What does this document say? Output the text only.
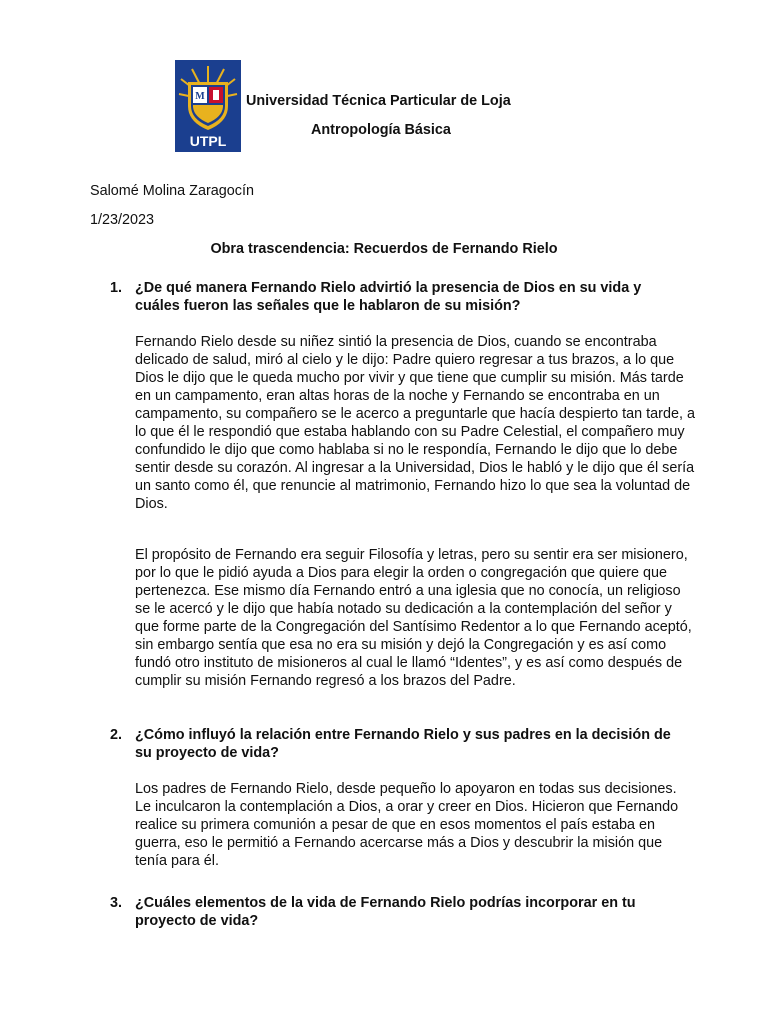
M
UTPL
Universidad Técnica Particular de Loja
Antropología Básica
Salomé Molina Zaragocín
1/23/2023
Obra trascendencia: Recuerdos de Fernando Rielo
1. ¿De qué manera Fernando Rielo advirtió la presencia de Dios en su vida y cuáles fueron las señales que le hablaron de su misión?
Fernando Rielo desde su niñez sintió la presencia de Dios, cuando se encontraba delicado de salud, miró al cielo y le dijo: Padre quiero regresar a tus brazos, a lo que Dios le dijo que le queda mucho por vivir y que tiene que cumplir su misión. Más tarde en un campamento, eran altas horas de la noche y Fernando se encontraba en un campamento, su compañero se le acerco a preguntarle que hacía despierto tan tarde, a lo que él le respondió que estaba hablando con su Padre Celestial, el compañero muy confundido le dijo que como hablaba si no le respondía, Fernando le dijo que lo debe sentir desde su corazón. Al ingresar a la Universidad, Dios le habló y le dijo que él sería un santo como él, que renuncie al matrimonio, Fernando hizo lo que sea la voluntad de Dios.
El propósito de Fernando era seguir Filosofía y letras, pero su sentir era ser misionero, por lo que le pidió ayuda a Dios para elegir la orden o congregación que quiere que pertenezca. Ese mismo día Fernando entró a una iglesia que no conocía, un religioso se le acercó y le dijo que había notado su dedicación a la contemplación del señor y que forme parte de la Congregación del Santísimo Redentor a lo que Fernando aceptó, sin embargo sentía que esa no era su misión y dejó la Congregación y es así como fundó otro instituto de misioneros al cual le llamó “Identes”, y es así como después de cumplir su misión Fernando regresó a los brazos del Padre.
2. ¿Cómo influyó la relación entre Fernando Rielo y sus padres en la decisión de su proyecto de vida?
Los padres de Fernando Rielo, desde pequeño lo apoyaron en todas sus decisiones. Le inculcaron la contemplación a Dios, a orar y creer en Dios. Hicieron que Fernando realice su primera comunión a pesar de que en esos momentos el país estaba en guerra, eso le permitió a Fernando acercarse más a Dios y descubrir la misión que tenía para él.
3. ¿Cuáles elementos de la vida de Fernando Rielo podrías incorporar en tu proyecto de vida?
